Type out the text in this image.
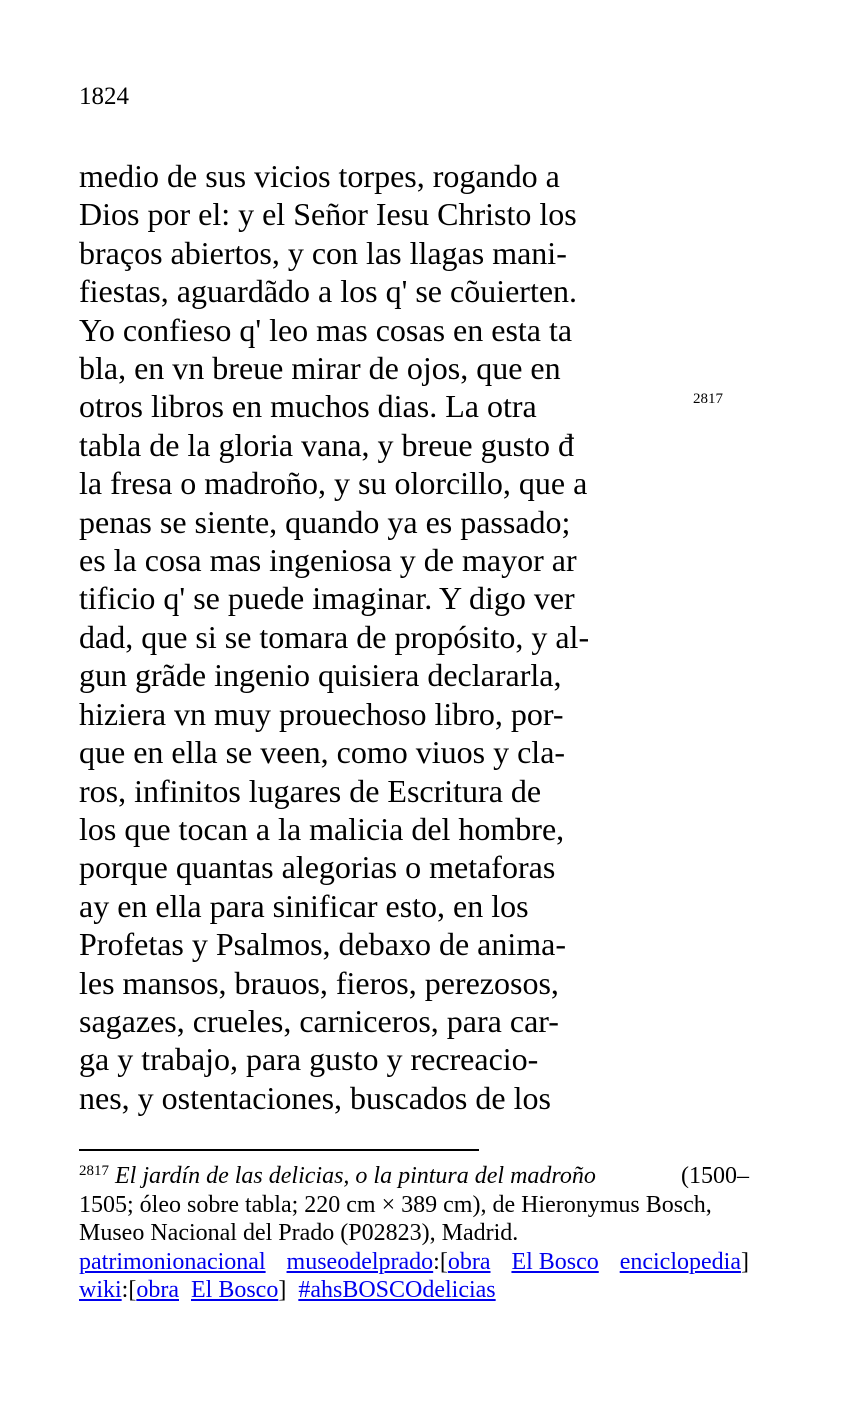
1824
medio de sus vicios torpes, rogando a
Dios por el: y el Señor Iesu Christo los
braços abiertos, y con las llagas mani-
fiestas, aguardãdo a los q' se cõuierten.
Yo confieso q' leo mas cosas en esta ta
bla, en vn breue mirar de ojos, que en
otros libros en muchos dias. La otra
tabla de la gloria vana, y breue gusto đ
la fresa o madroño, y su olorcillo, que a
penas se siente, quando ya es passado;
es la cosa mas ingeniosa y de mayor ar
tificio q' se puede imaginar. Y digo ver
dad, que si se tomara de propósito, y al-
gun grãde ingenio quisiera declararla,
hiziera vn muy prouechoso libro, por-
que en ella se veen, como viuos y cla-
ros, infinitos lugares de Escritura de
los que tocan a la malicia del hombre,
porque quantas alegorias o metaforas
ay en ella para sinificar esto, en los
Profetas y Psalmos, debaxo de anima-
les mansos, brauos, fieros, perezosos,
sagazes, crueles, carniceros, para car-
ga y trabajo, para gusto y recreacio-
nes, y ostentaciones, buscados de los
2817
$^{2817}$ El jardín de las delicias, o la pintura del madroño	(1500–
1505; óleo sobre tabla; 220 cm × 389 cm), de Hieronymus Bosch,
Museo Nacional del Prado (P02823), Madrid.
patrimonionacional museodelprado:[obra El Bosco enciclopedia]
wiki:[obra El Bosco] #ahsBOSCOdelicias
